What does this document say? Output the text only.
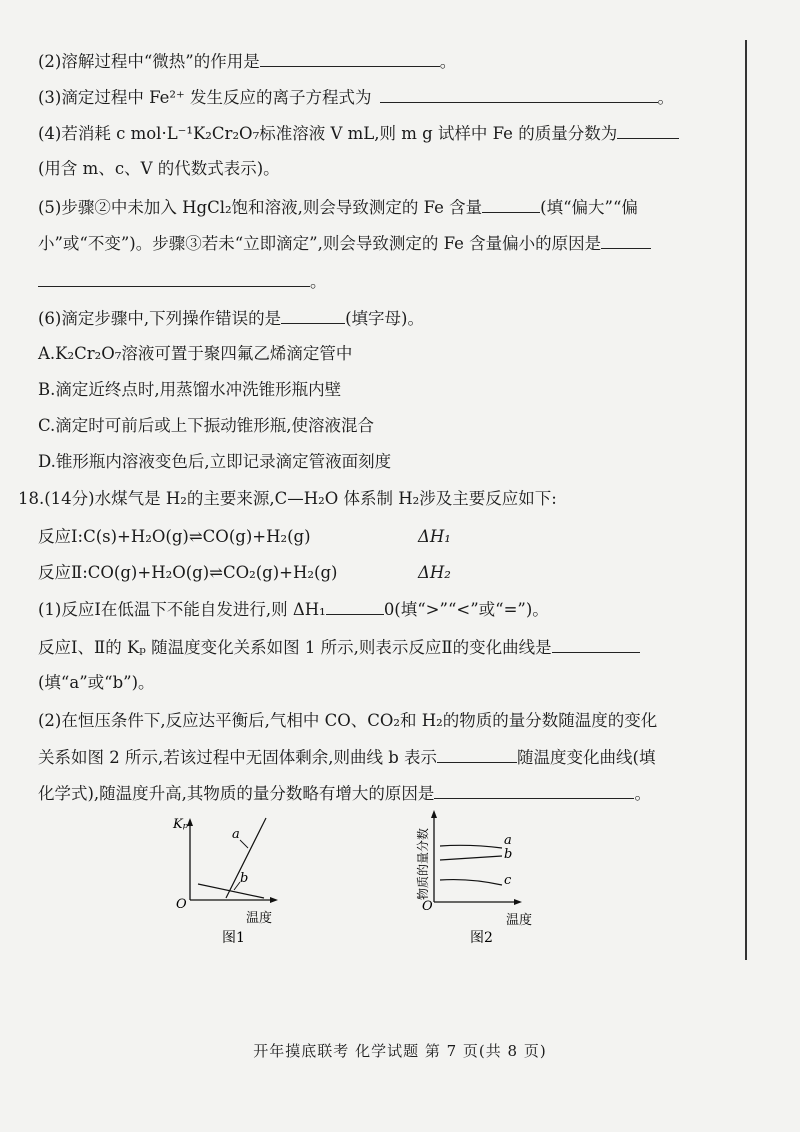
(2)溶解过程中“微热”的作用是	。
(3)滴定过程中 Fe²⁺ 发生反应的离子方程式为	。
(4)若消耗 c mol·L⁻¹K₂Cr₂O₇标准溶液 V mL,则 m g 试样中 Fe 的质量分数为
(用含 m、c、V 的代数式表示)。
(5)步骤②中未加入 HgCl₂饱和溶液,则会导致测定的 Fe 含量	(填“偏大”“偏
小”或“不变”)。步骤③若未“立即滴定”,则会导致测定的 Fe 含量偏小的原因是
。
(6)滴定步骤中,下列操作错误的是	(填字母)。
A.K₂Cr₂O₇溶液可置于聚四氟乙烯滴定管中
B.滴定近终点时,用蒸馏水冲洗锥形瓶内壁
C.滴定时可前后或上下振动锥形瓶,使溶液混合
D.锥形瓶内溶液变色后,立即记录滴定管液面刻度
18.(14分)水煤气是 H₂的主要来源,C—H₂O 体系制 H₂涉及主要反应如下:
反应Ⅰ:C(s)+H₂O(g)⇌CO(g)+H₂(g)	ΔH₁
反应Ⅱ:CO(g)+H₂O(g)⇌CO₂(g)+H₂(g)	ΔH₂
(1)反应Ⅰ在低温下不能自发进行,则 ΔH₁	0(填“>”“<”或“=”)。
反应Ⅰ、Ⅱ的 Kₚ 随温度变化关系如图 1 所示,则表示反应Ⅱ的变化曲线是
(填“a”或“b”)。
(2)在恒压条件下,反应达平衡后,气相中 CO、CO₂和 H₂的物质的量分数随温度的变化
关系如图 2 所示,若该过程中无固体剩余,则曲线 b 表示	随温度变化曲线(填
化学式),随温度升高,其物质的量分数略有增大的原因是	。
Kₚ
O
温度
a
b
图1
物质的量分数
O
温度
a
b
c
图2
开年摸底联考 化学试题 第 7 页(共 8 页)
